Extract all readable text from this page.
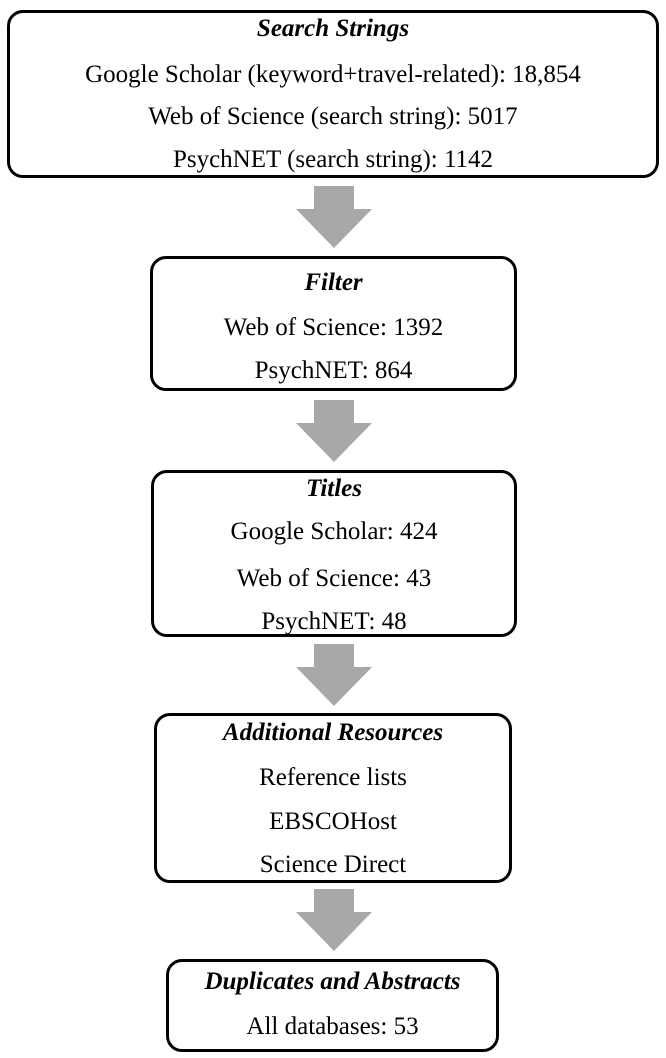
Search Strings
Google Scholar (keyword+travel-related): 18,854
Web of Science (search string): 5017
PsychNET (search string): 1142
Filter
Web of Science: 1392
PsychNET: 864
Titles
Google Scholar: 424
Web of Science: 43
PsychNET: 48
Additional Resources
Reference lists
EBSCOHost
Science Direct
Duplicates and Abstracts
All databases: 53
